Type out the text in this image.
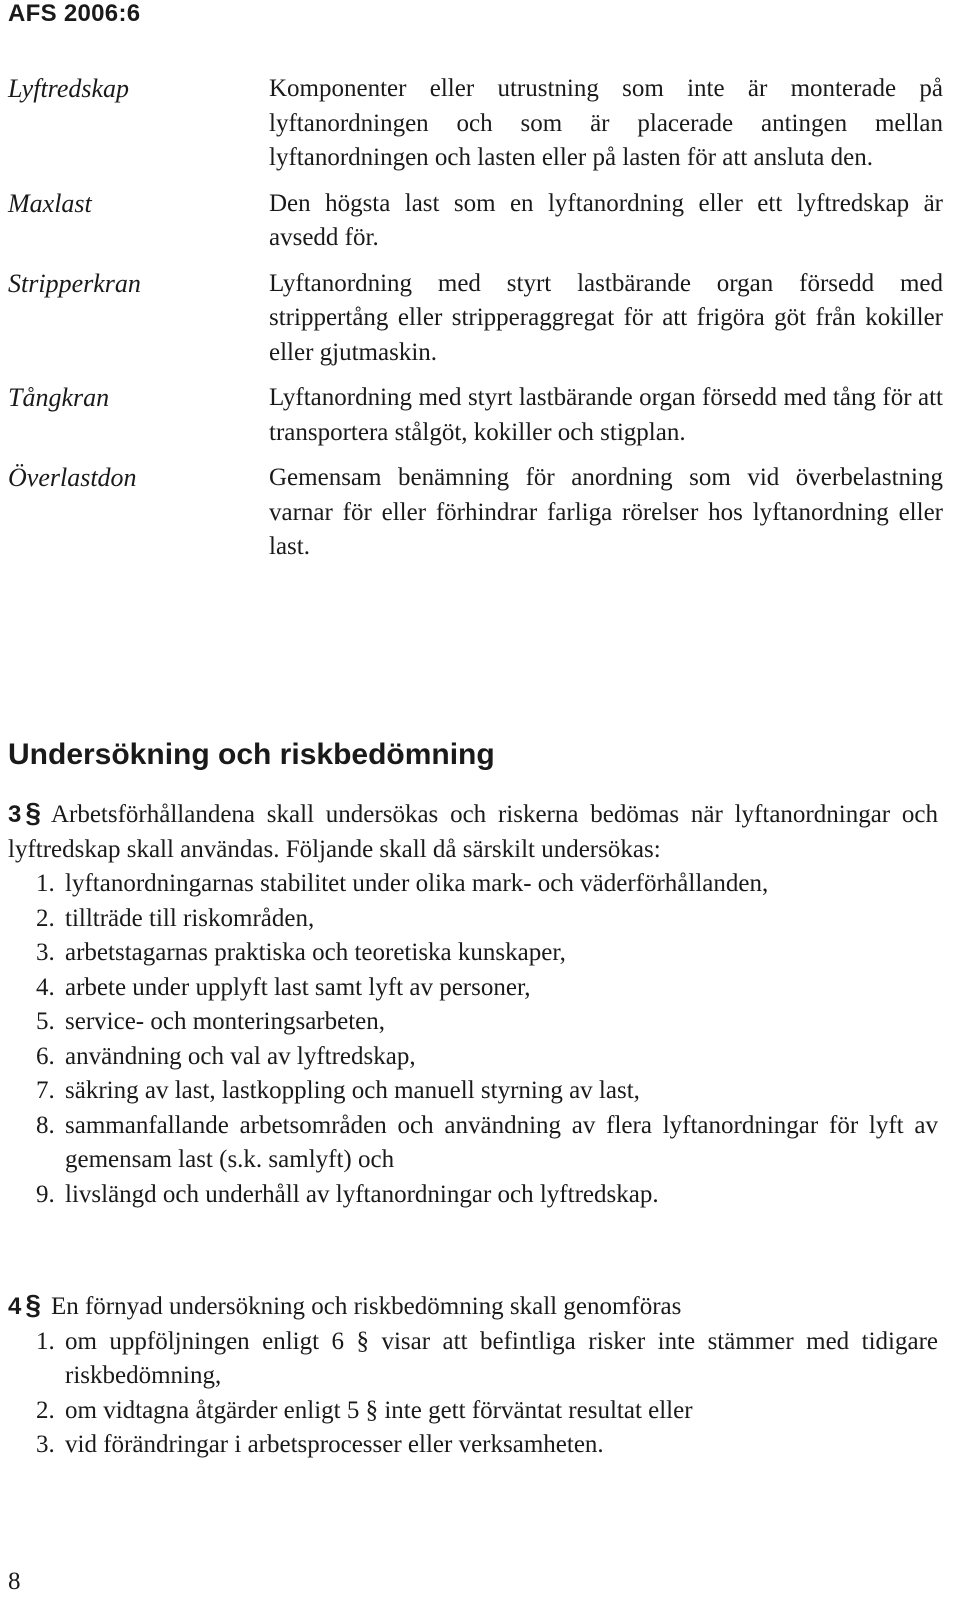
AFS 2006:6
Lyftredskap	Komponenter eller utrustning som inte är monterade på lyftanordningen och som är placerade antingen mellan lyftanordningen och lasten eller på lasten för att ansluta den.
Maxlast	Den högsta last som en lyftanordning eller ett lyftredskap är avsedd för.
Stripperkran	Lyftanordning med styrt lastbärande organ försedd med strippertång eller stripperaggregat för att frigöra göt från kokiller eller gjutmaskin.
Tångkran	Lyftanordning med styrt lastbärande organ försedd med tång för att transportera stålgöt, kokiller och stigplan.
Överlastdon	Gemensam benämning för anordning som vid överbelastning varnar för eller förhindrar farliga rörelser hos lyftanordning eller last.
Undersökning och riskbedömning
3 § Arbetsförhållandena skall undersökas och riskerna bedömas när lyftanordningar och lyftredskap skall användas. Följande skall då särskilt undersökas:
1. lyftanordningarnas stabilitet under olika mark- och väderförhållanden,
2. tillträde till riskområden,
3. arbetstagarnas praktiska och teoretiska kunskaper,
4. arbete under upplyft last samt lyft av personer,
5. service- och monteringsarbeten,
6. användning och val av lyftredskap,
7. säkring av last, lastkoppling och manuell styrning av last,
8. sammanfallande arbetsområden och användning av flera lyftanordningar för lyft av gemensam last (s.k. samlyft) och
9. livslängd och underhåll av lyftanordningar och lyftredskap.
4 § En förnyad undersökning och riskbedömning skall genomföras
1. om uppföljningen enligt 6 § visar att befintliga risker inte stämmer med tidigare riskbedömning,
2. om vidtagna åtgärder enligt 5 § inte gett förväntat resultat eller
3. vid förändringar i arbetsprocesser eller verksamheten.
8
